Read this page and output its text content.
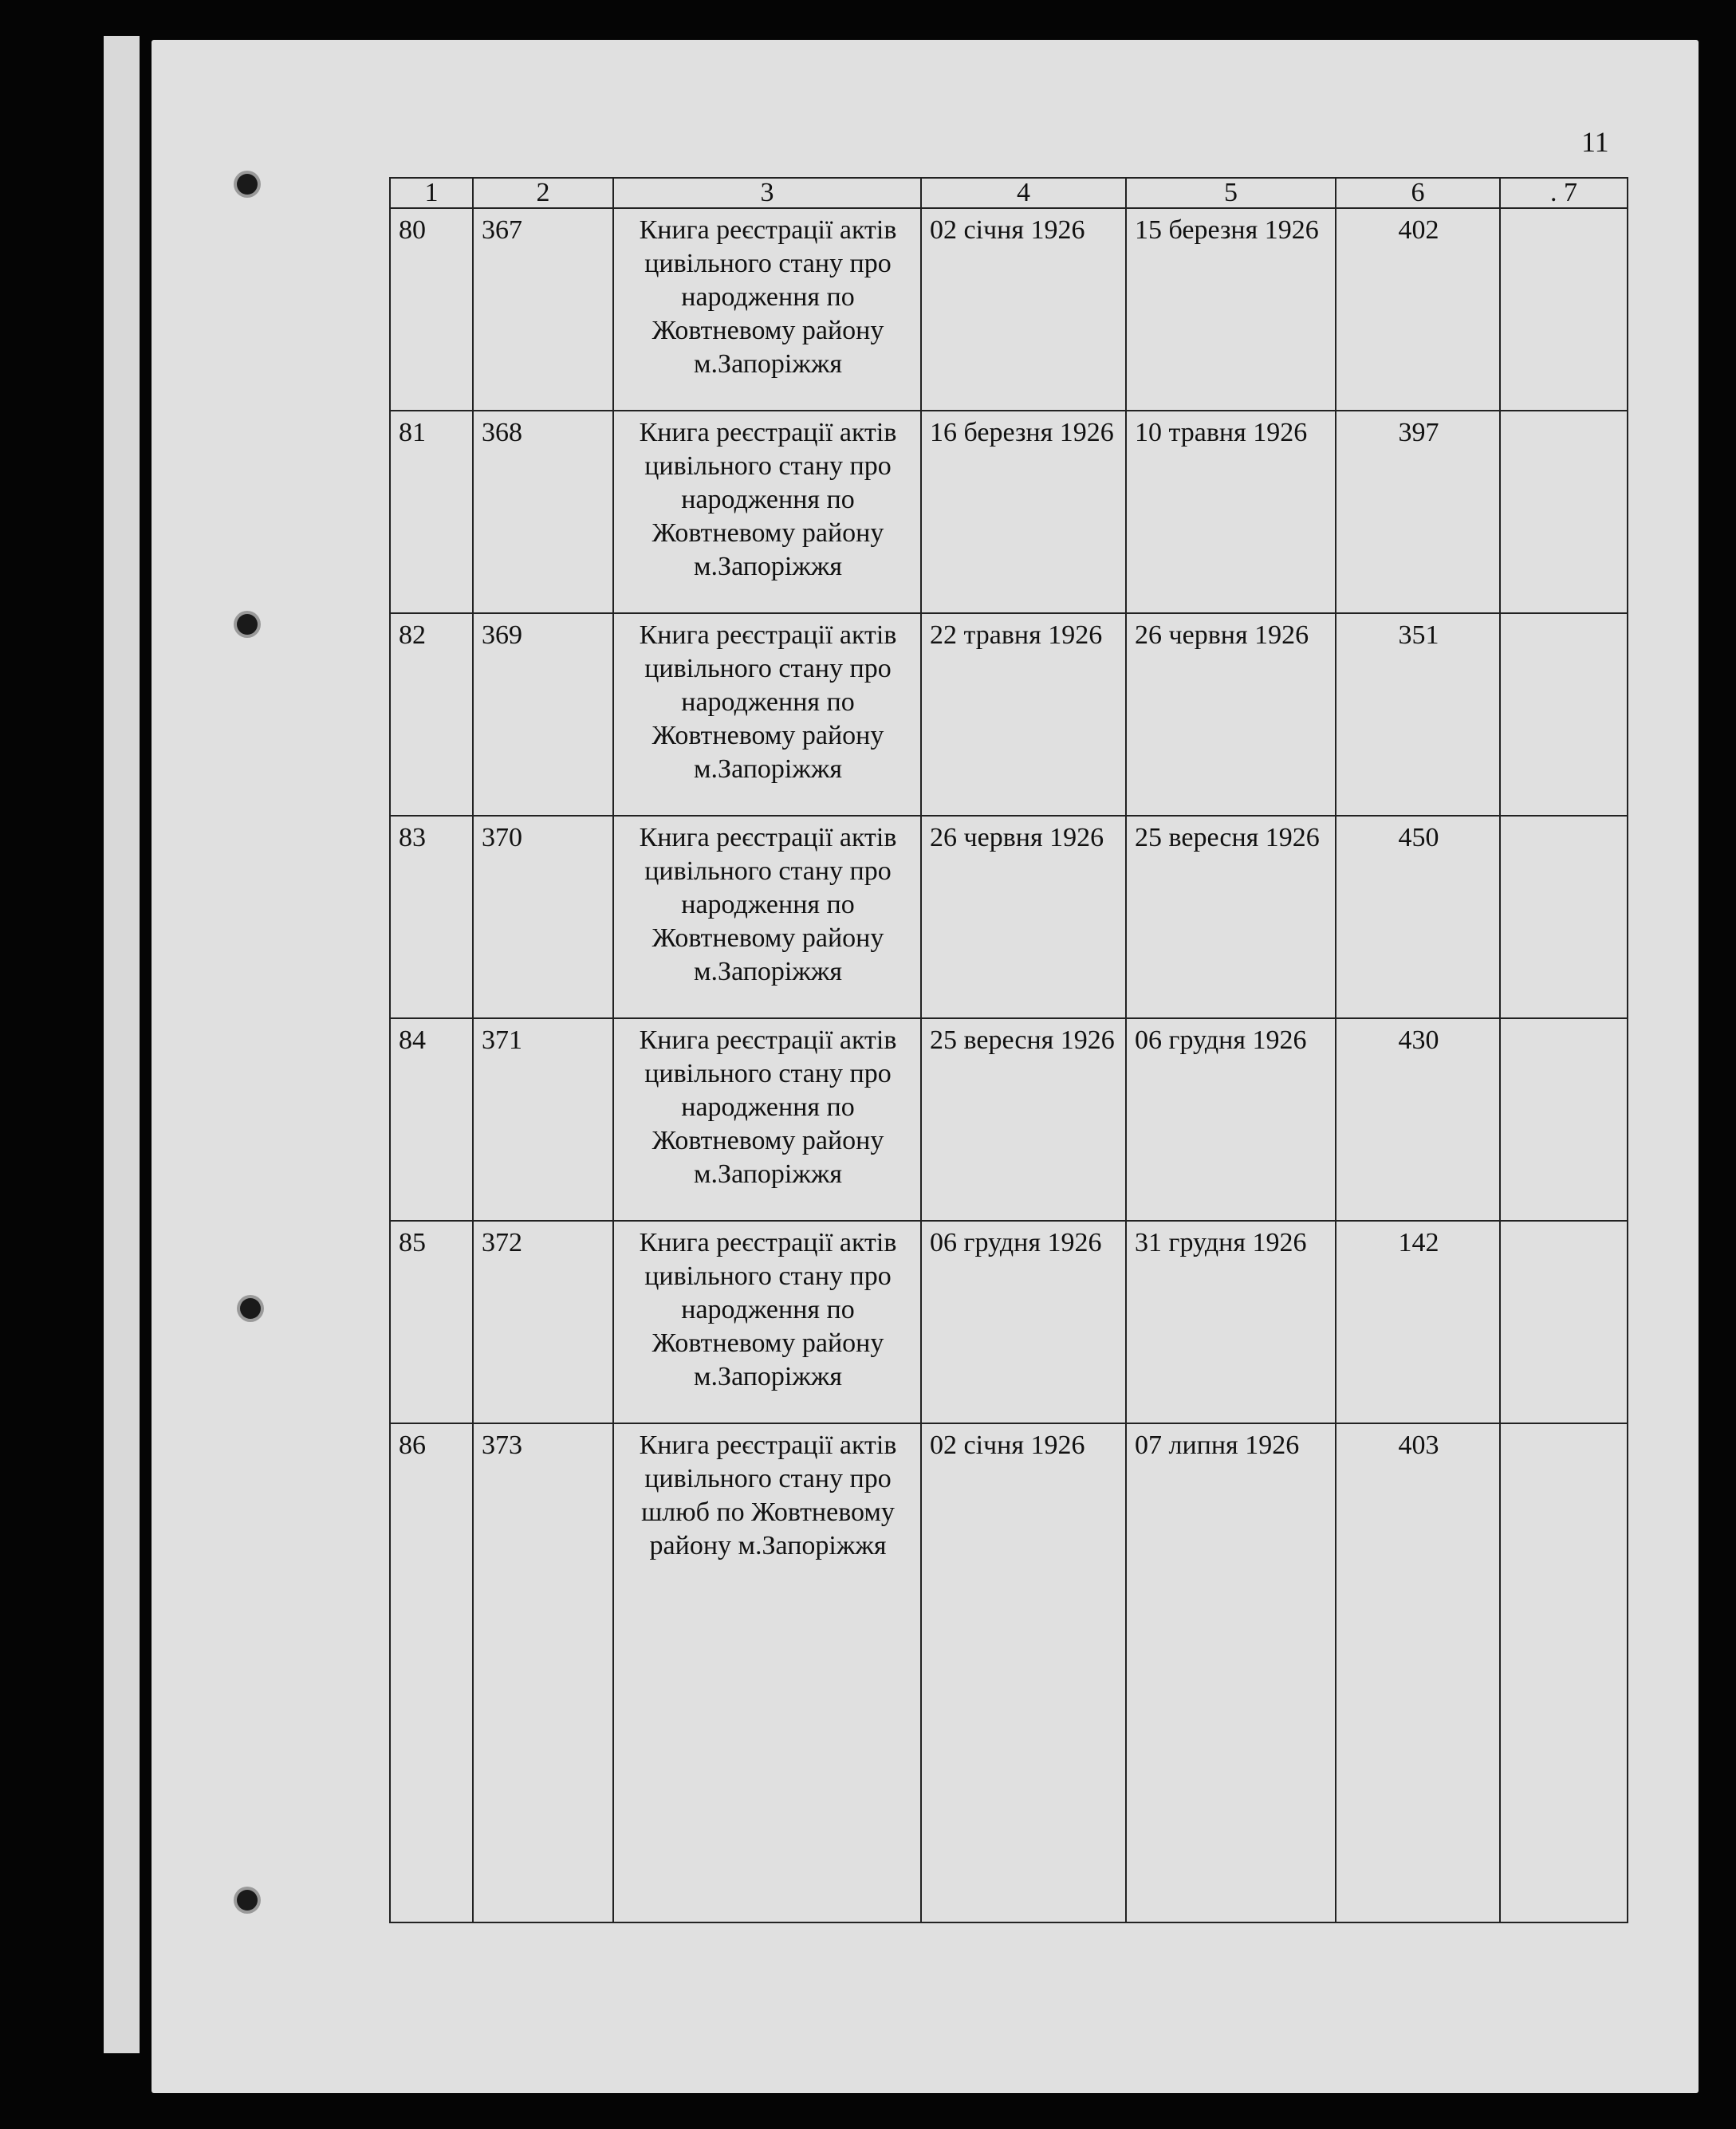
11
1	2	3	4	5	6	. 7
80	367	Книга реєстрації актів цивільного стану про народження по Жовтневому району м.Запоріжжя	02 січня 1926	15 березня 1926	402	
81	368	Книга реєстрації актів цивільного стану про народження по Жовтневому району м.Запоріжжя	16 березня 1926	10 травня 1926	397	
82	369	Книга реєстрації актів цивільного стану про народження по Жовтневому району м.Запоріжжя	22 травня 1926	26 червня 1926	351	
83	370	Книга реєстрації актів цивільного стану про народження по Жовтневому району м.Запоріжжя	26 червня 1926	25 вересня 1926	450	
84	371	Книга реєстрації актів цивільного стану про народження по Жовтневому району м.Запоріжжя	25 вересня 1926	06 грудня 1926	430	
85	372	Книга реєстрації актів цивільного стану про народження по Жовтневому району м.Запоріжжя	06 грудня 1926	31 грудня 1926	142	
86	373	Книга реєстрації актів цивільного стану про шлюб по Жовтневому району м.Запоріжжя	02 січня 1926	07 липня 1926	403	
